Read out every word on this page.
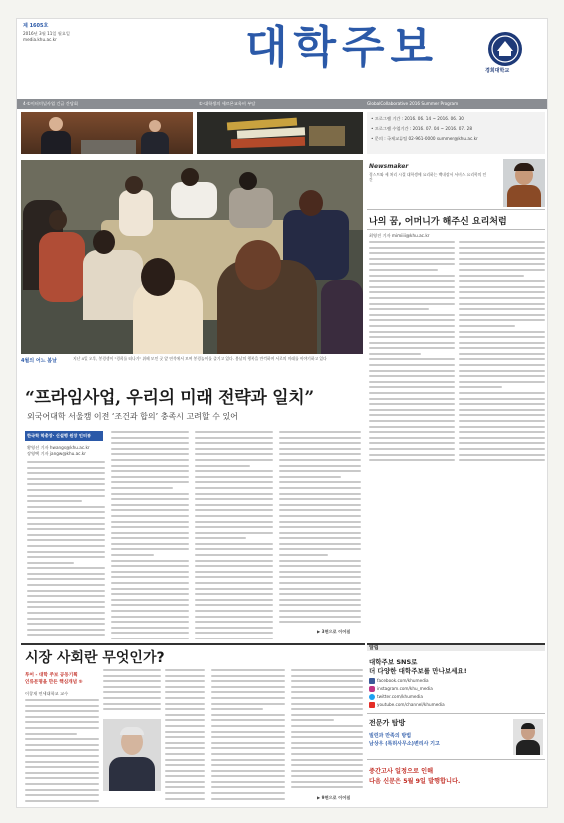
제 1605호
2016년 3월 11일 월요일
media.khu.ac.kr	대학주보	경희대학교
4·①이터미널사업 긴급 간담회	①·대학생의 세르믄교육비 부담	GlobalCollaborative 2016 Summer Program
• 프로그램 기간 : 2016. 06. 14 ~ 2016. 06. 30
• 프로그램 수업기간 : 2016. 07. 04 ~ 2016. 07. 28
• 문의 : 국제교류팀 02-961-0000 summer@khu.ac.kr
4월의 어느 봄날	지난 4일 오후, 봉경생이 "경희를 떠나기" 위해 모인 곳 앞 연석에서 모여 봉경놀이를 즐기고 있다. 봄날의 행복을 만끽하며 서로의 미래를 이야기하고 있다
Newsmaker
경스트와 세 처리 시절 대학생에 요리하는 백내장서 서비스 요리학의 인간
나의 꿈, 어머니가 해주신 요리처럼
최영진 기자 mimiiii@khu.ac.kr
“프라임사업, 우리의 미래 전략과 일치”
외국어대학 서울캠 이전 ‘조건과 합의’ 충족시 고려할 수 있어
한국학 학총장· 신설행 원장 인터뷰
황영선 기자 hwangs@khu.ac.kr
장영택 기자 jangw@khu.ac.kr
▶ 3면으로 이어짐
시장 사회란 무엇인가?
투어 - 대학 주보 공동기획
인류문명을 만든 핵심개념 ⑤
이창재 연세대학교 교수
▶ 9면으로 이어짐
알림
대학주보 SNS로
더 다양한 대학주보를 만나보세요!
facebook.com/khumedia
instagram.com/khu_media
twitter.com/khumedia
youtube.com/channel/khumedia
전문가 탐방
빌런과 만족의 방법
남상우 (특허사무소)변리사 기고
중간고사 일정으로 인해
다음 신문은 5월 9일 발행합니다.
